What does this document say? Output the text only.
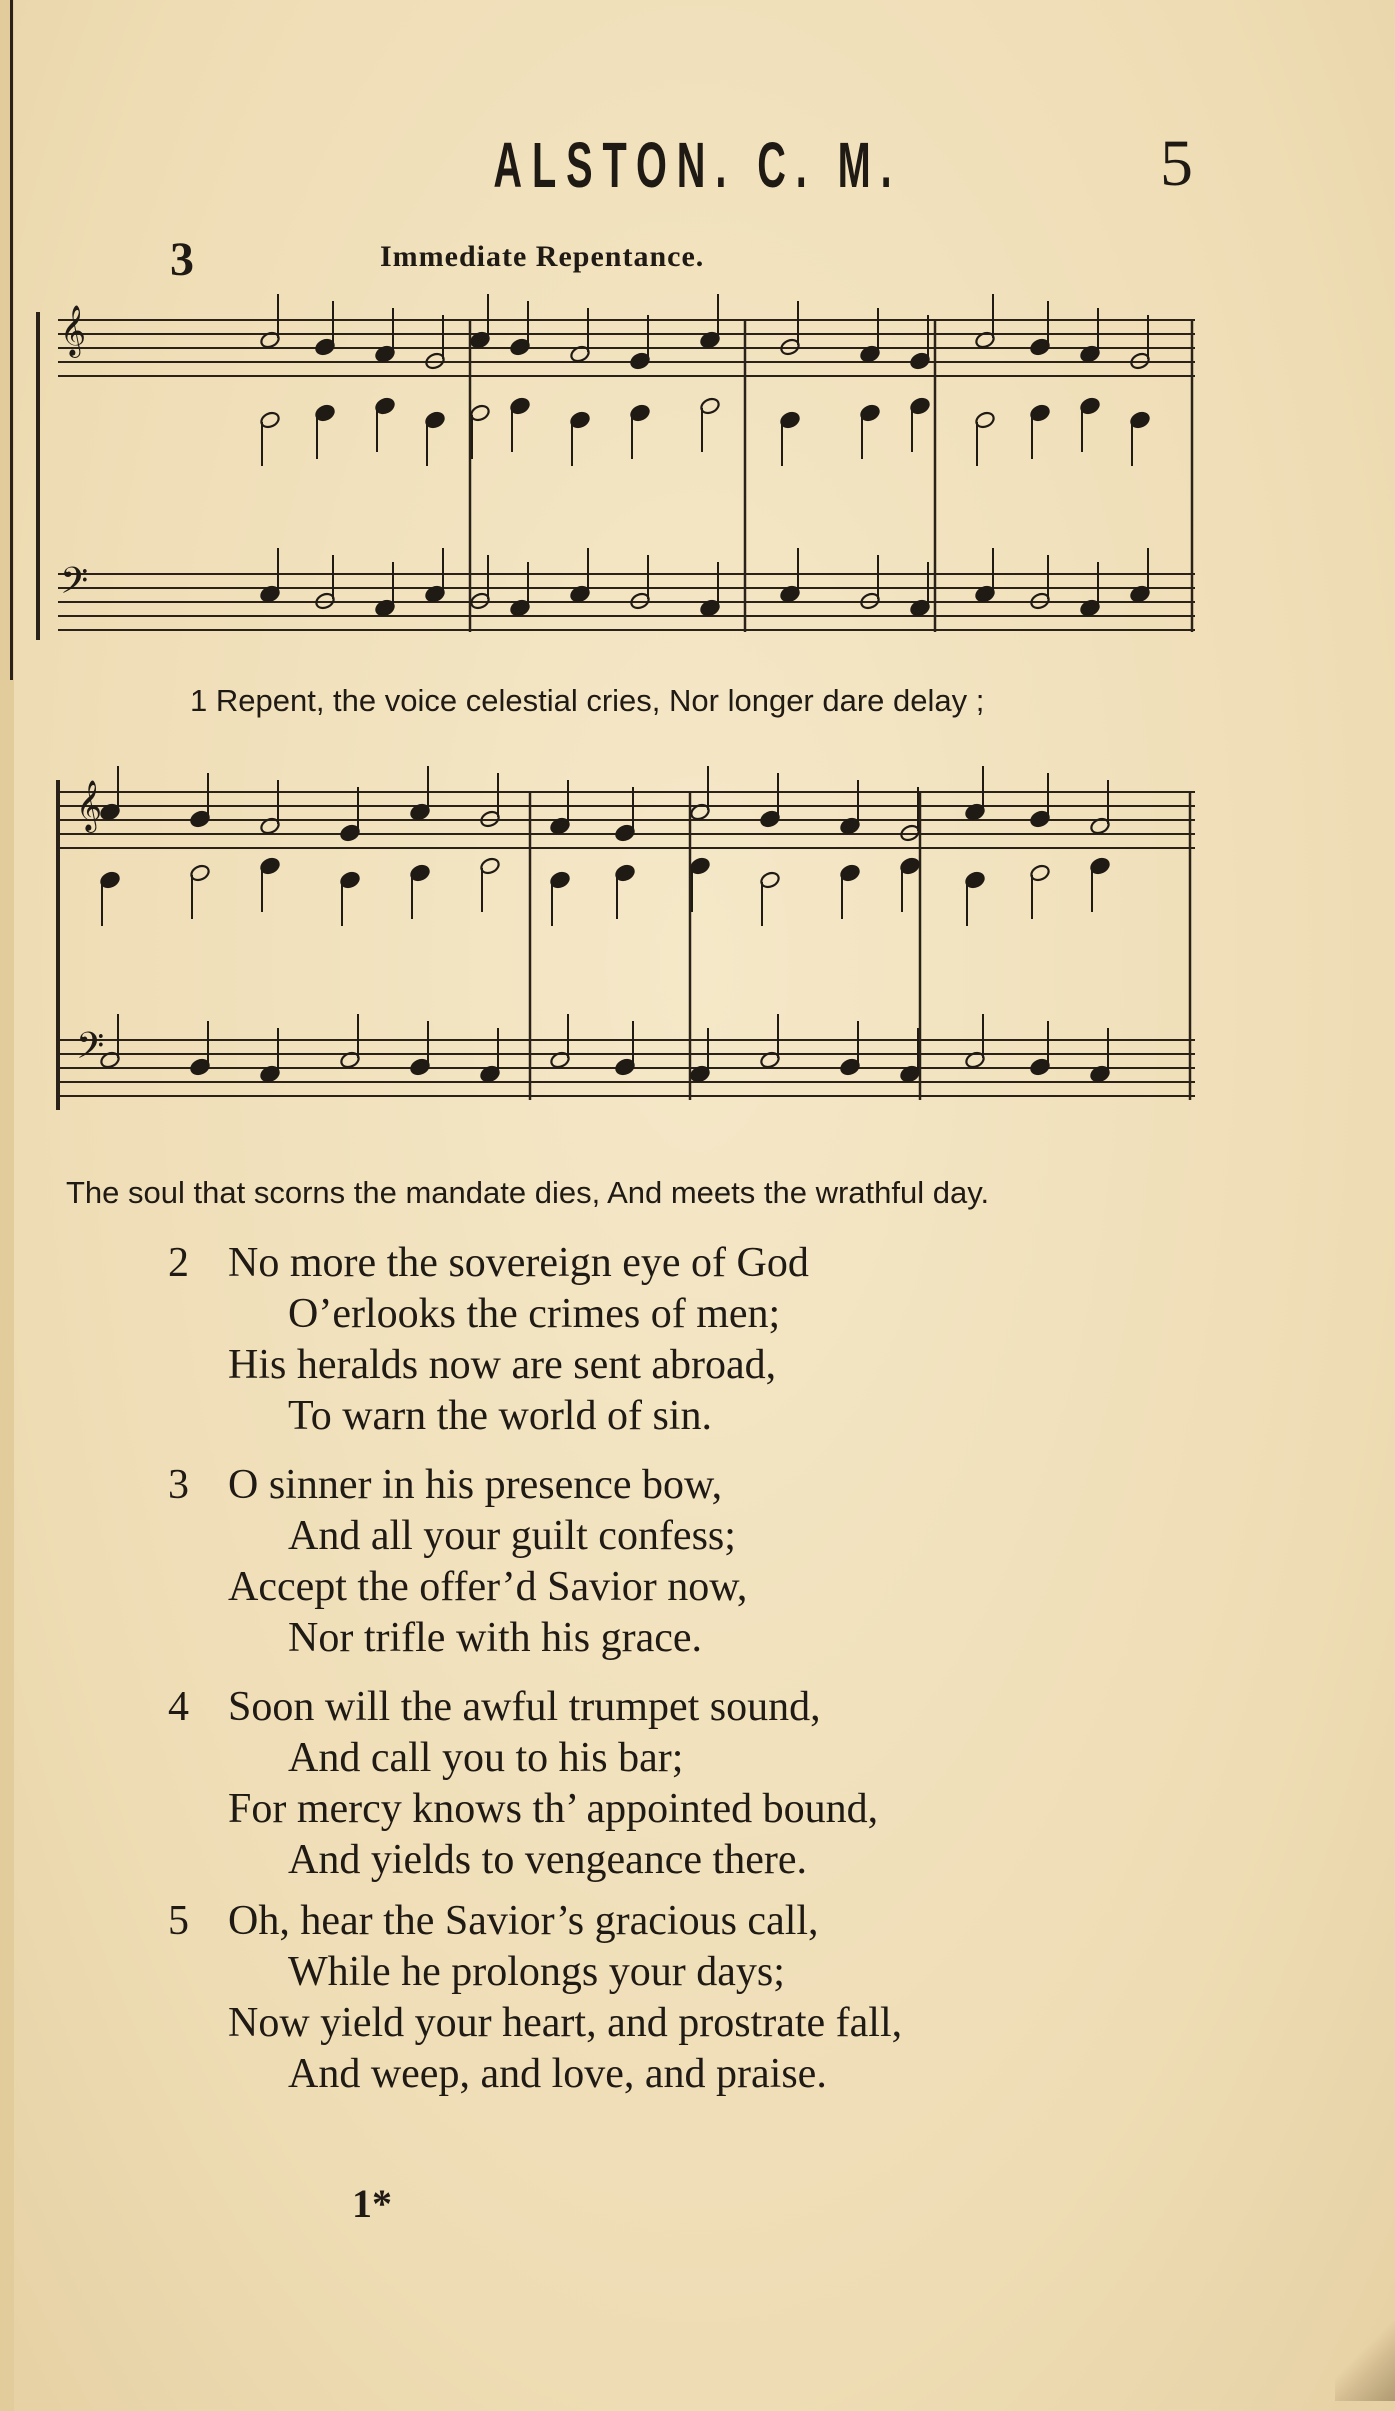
ALSTON. C. M.	5
3	Immediate Repentance.
𝄞
𝄢
𝄞
𝄢
1 Repent, the voice celestial cries, Nor longer dare delay ;
The soul that scorns the mandate dies, And meets the wrathful day.
2 No more the sovereign eye of God
O’erlooks the crimes of men;
His heralds now are sent abroad,
To warn the world of sin.
3 O sinner in his presence bow,
And all your guilt confess;
Accept the offer’d Savior now,
Nor trifle with his grace.
4 Soon will the awful trumpet sound,
And call you to his bar;
For mercy knows th’ appointed bound,
And yields to vengeance there.
5 Oh, hear the Savior’s gracious call,
While he prolongs your days;
Now yield your heart, and prostrate fall,
And weep, and love, and praise.
1*
